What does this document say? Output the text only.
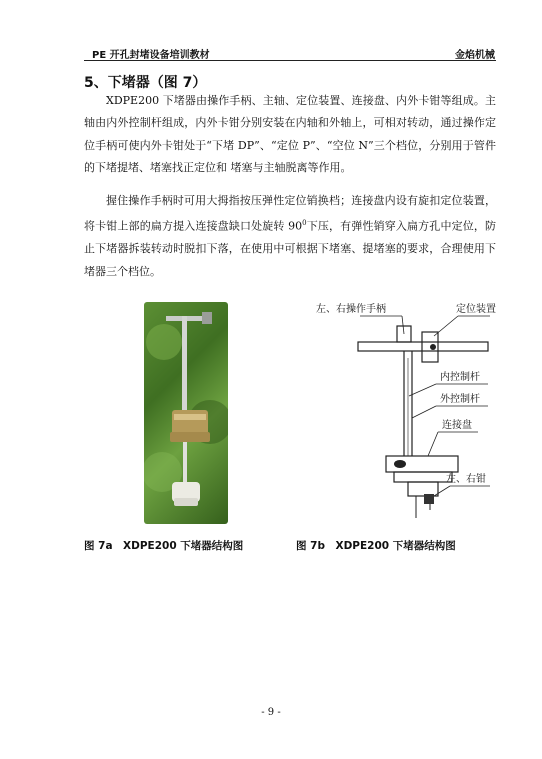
PE 开孔封堵设备培训教材	金焰机械
5、下堵器（图 7）

XDPE200 下堵器由操作手柄、主轴、定位装置、连接盘、内外卡钳等组成。主轴由内外控制杆组成，内外卡钳分别安装在内轴和外轴上，可相对转动，通过操作定位手柄可使内外卡钳处于“下堵 DP”、“定位 P”、“空位 N”三个档位，分别用于管件的下堵提堵、堵塞找正定位和 堵塞与主轴脱离等作用。

握住操作手柄时可用大拇指按压弹性定位销换档；连接盘内设有旋扣定位装置，将卡钳上部的扁方提入连接盘缺口处旋转 $90^0$下压，有弹性销穿入扁方孔中定位，防止下堵器拆装转动时脱扣下落，在使用中可根据下堵塞、提堵塞的要求，合理使用下堵器三个档位。

左、右操作手柄	定位装置
内控制杆
外控制杆
连接盘
左、右钳
图 7a　XDPE200 下堵器结构图	图 7b　XDPE200 下堵器结构图
- 9 -
